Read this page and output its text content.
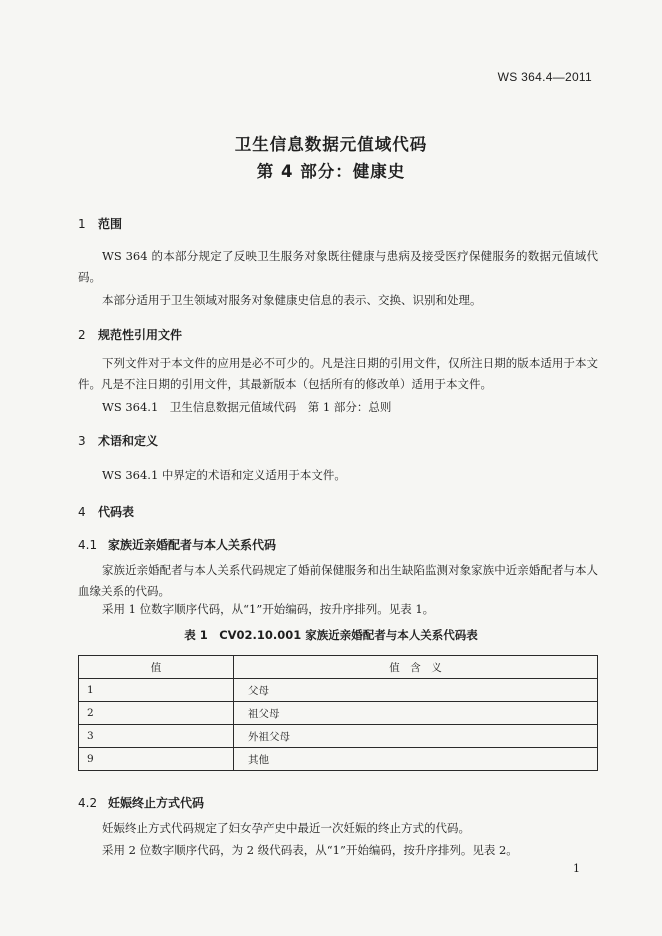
WS 364.4—2011
卫生信息数据元值域代码
第 4 部分：健康史
1 范围
WS 364 的本部分规定了反映卫生服务对象既往健康与患病及接受医疗保健服务的数据元值域代码。
本部分适用于卫生领域对服务对象健康史信息的表示、交换、识别和处理。
2 规范性引用文件
下列文件对于本文件的应用是必不可少的。凡是注日期的引用文件，仅所注日期的版本适用于本文件。凡是不注日期的引用文件，其最新版本（包括所有的修改单）适用于本文件。
WS 364.1　卫生信息数据元值域代码　第 1 部分：总则
3 术语和定义
WS 364.1 中界定的术语和定义适用于本文件。
4 代码表
4.1 家族近亲婚配者与本人关系代码
家族近亲婚配者与本人关系代码规定了婚前保健服务和出生缺陷监测对象家族中近亲婚配者与本人血缘关系的代码。
采用 1 位数字顺序代码，从“1”开始编码，按升序排列。见表 1。
表 1　CV02.10.001 家族近亲婚配者与本人关系代码表
值	值　含　义
1	父母
2	祖父母
3	外祖父母
9	其他
4.2 妊娠终止方式代码
妊娠终止方式代码规定了妇女孕产史中最近一次妊娠的终止方式的代码。
采用 2 位数字顺序代码，为 2 级代码表，从“1”开始编码，按升序排列。见表 2。
1
